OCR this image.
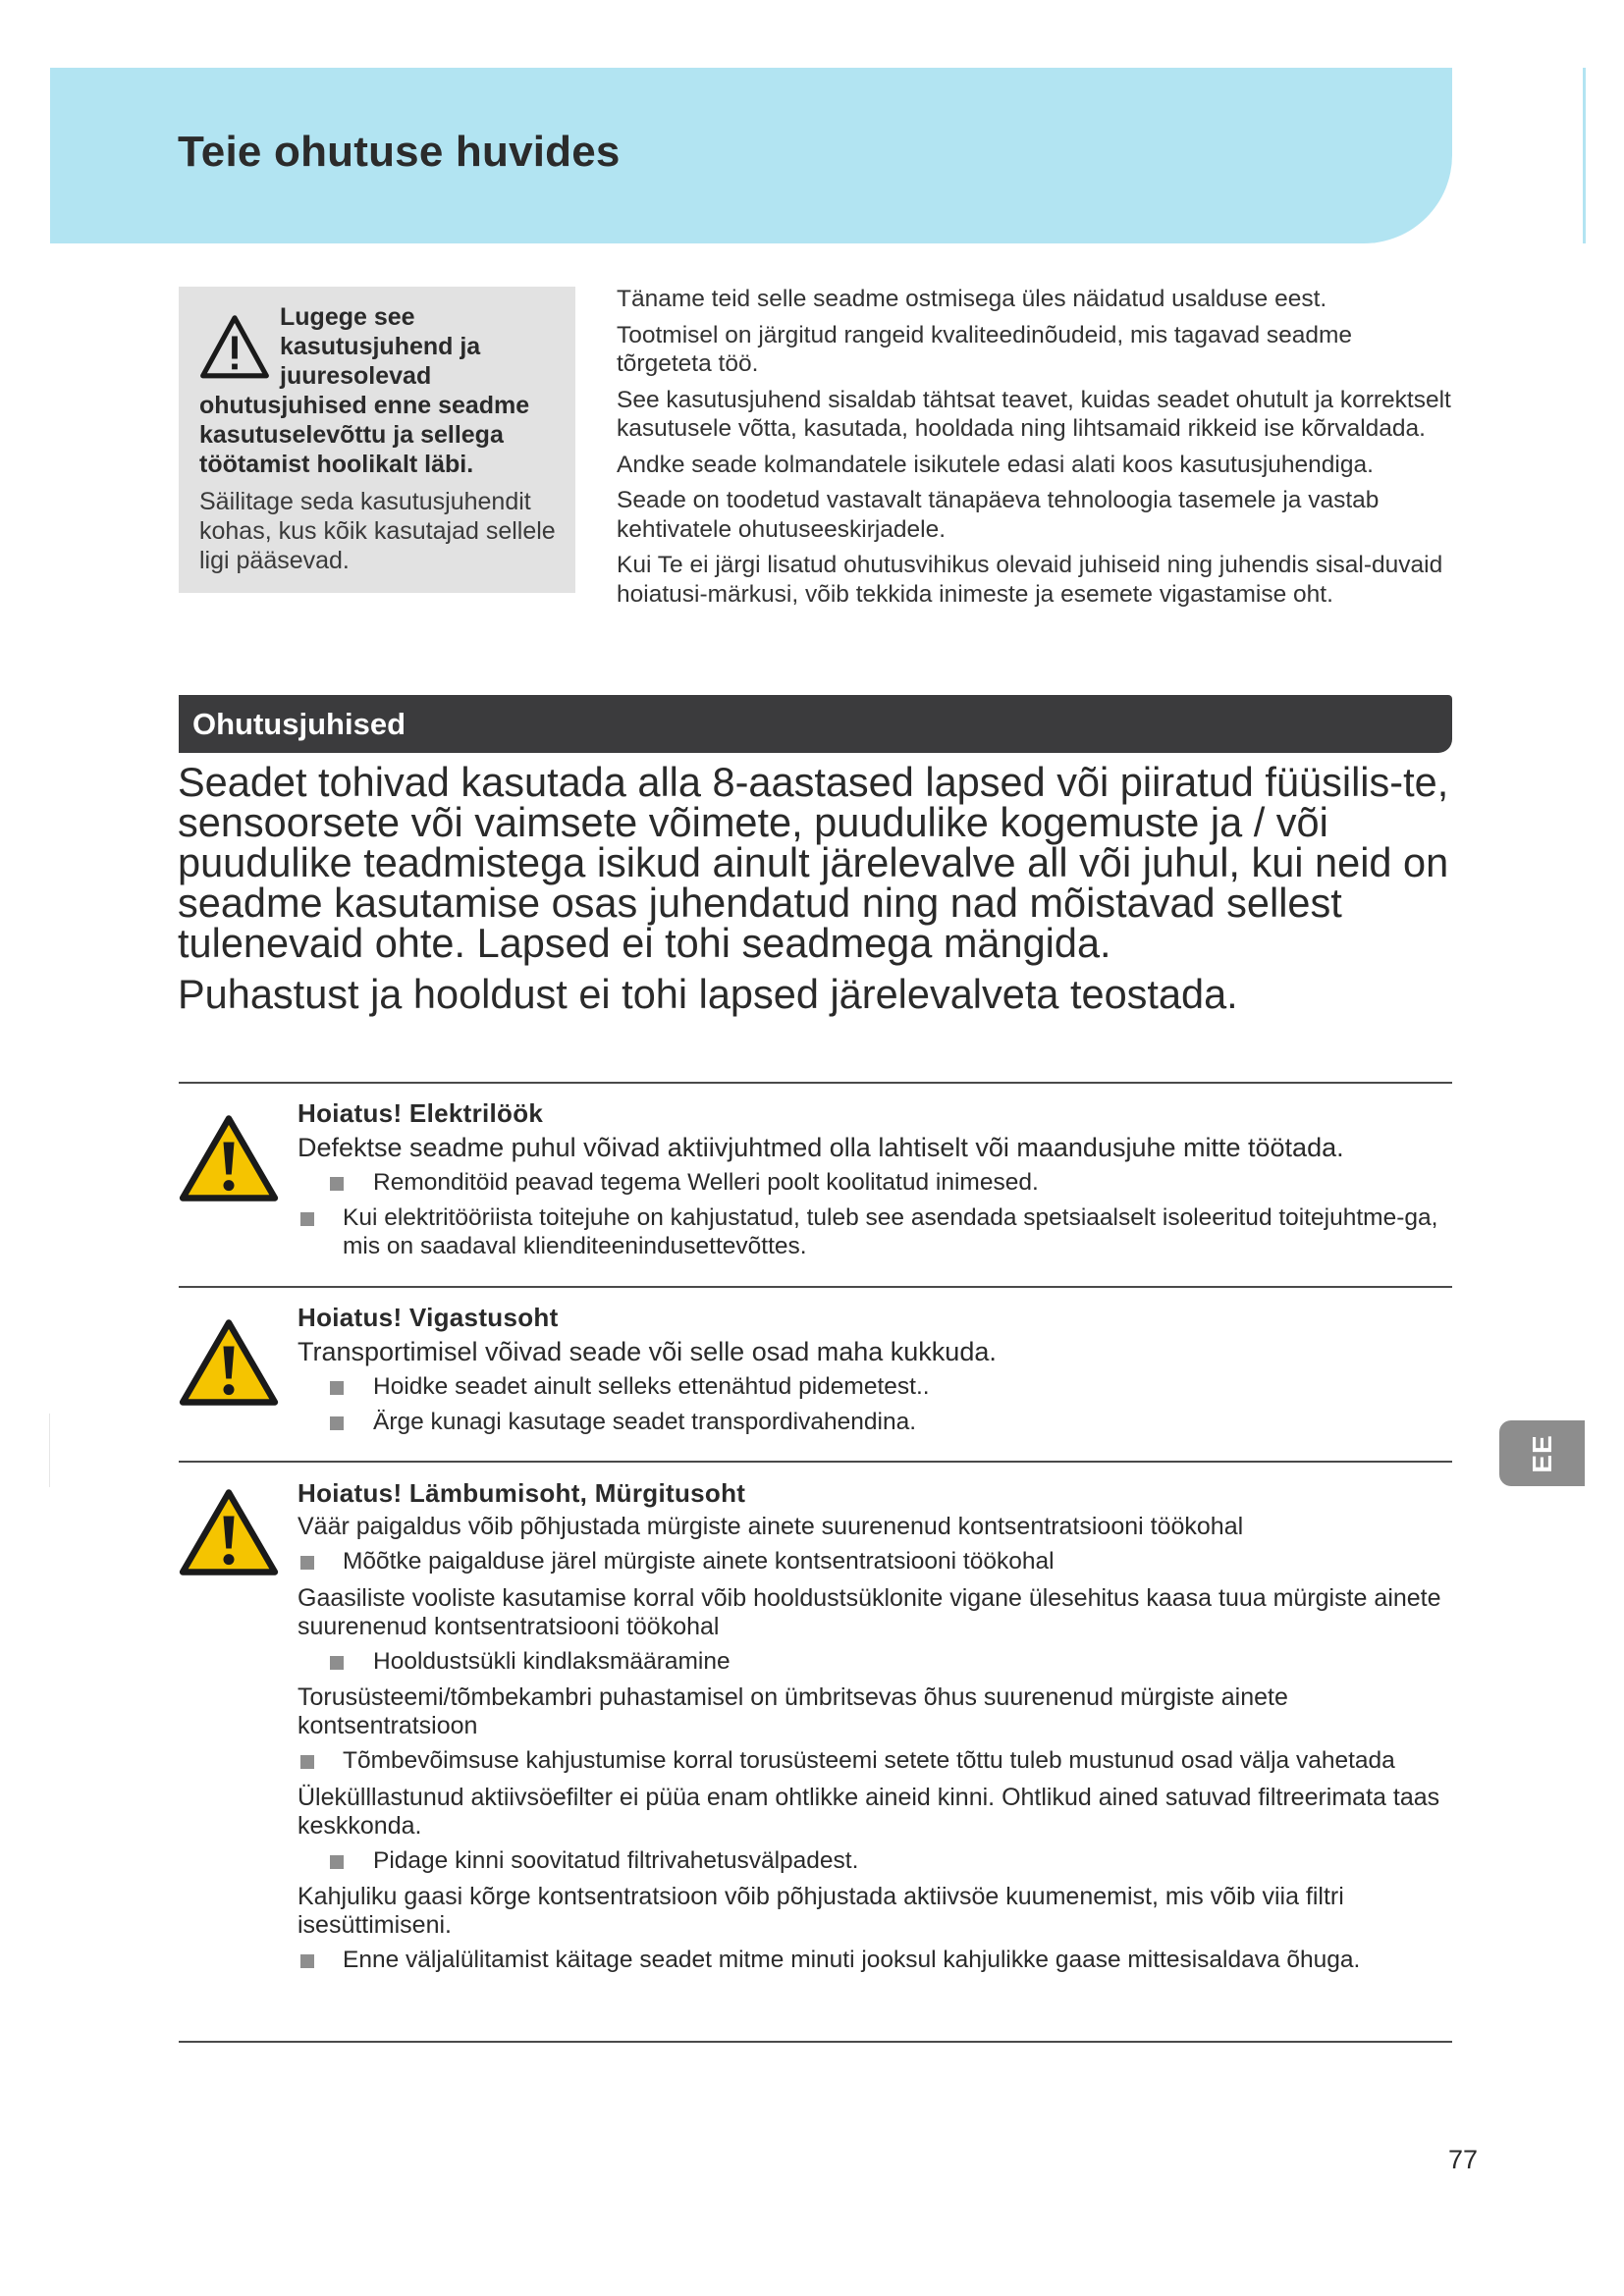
Teie ohutuse huvides
Lugege see kasutusjuhend ja juuresolevad ohutusjuhised enne seadme kasutuselevõttu ja sellega töötamist hoolikalt läbi.
Säilitage seda kasutusjuhendit kohas, kus kõik kasutajad sellele ligi pääsevad.

Täname teid selle seadme ostmisega üles näidatud usalduse eest.

Tootmisel on järgitud rangeid kvaliteedinõudeid, mis tagavad seadme tõrgeteta töö.

See kasutusjuhend sisaldab tähtsat teavet, kuidas seadet ohutult ja korrektselt kasutusele võtta, kasutada, hooldada ning lihtsamaid rikkeid ise kõrvaldada.

Andke seade kolmandatele isikutele edasi alati koos kasutusjuhendiga.

Seade on toodetud vastavalt tänapäeva tehnoloogia tasemele ja vastab kehtivatele ohutuseeskirjadele.

Kui Te ei järgi lisatud ohutusvihikus olevaid juhiseid ning juhendis sisal-duvaid hoiatusi-märkusi, võib tekkida inimeste ja esemete vigastamise oht.

Ohutusjuhised

Seadet tohivad kasutada alla 8-aastased lapsed või piiratud füüsilis-te, sensoorsete või vaimsete võimete, puudulike kogemuste ja / või puudulike teadmistega isikud ainult järelevalve all või juhul, kui neid on seadme kasutamise osas juhendatud ning nad mõistavad sellest tulenevaid ohte. Lapsed ei tohi seadmega mängida.

Puhastust ja hooldust ei tohi lapsed järelevalveta teostada.

Hoiatus! Elektrilöök
Defektse seadme puhul võivad aktiivjuhtmed olla lahtiselt või maandusjuhe mitte töötada.
Remonditöid peavad tegema Welleri poolt koolitatud inimesed.
Kui elektritööriista toitejuhe on kahjustatud, tuleb see asendada spetsiaalselt isoleeritud toitejuhtme-ga, mis on saadaval klienditeenindusettevõttes.
Hoiatus! Vigastusoht
Transportimisel võivad seade või selle osad maha kukkuda.
Hoidke seadet ainult selleks ettenähtud pidemetest..
Ärge kunagi kasutage seadet transpordivahendina.
Hoiatus! Lämbumisoht, Mürgitusoht
Väär paigaldus võib põhjustada mürgiste ainete suurenenud kontsentratsiooni töökohal
Mõõtke paigalduse järel mürgiste ainete kontsentratsiooni töökohal
Gaasiliste vooliste kasutamise korral võib hooldustsüklonite vigane ülesehitus kaasa tuua mürgiste ainete suurenenud kontsentratsiooni töökohal
Hooldustsükli kindlaksmääramine
Torusüsteemi/tõmbekambri puhastamisel on ümbritsevas õhus suurenenud mürgiste ainete kontsentratsioon
Tõmbevõimsuse kahjustumise korral torusüsteemi setete tõttu tuleb mustunud osad välja vahetada
Ülekülllastunud aktiivsöefilter ei püüa enam ohtlikke aineid kinni. Ohtlikud ained satuvad filtreerimata taas keskkonda.
Pidage kinni soovitatud filtrivahetusvälpadest.
Kahjuliku gaasi kõrge kontsentratsioon võib põhjustada aktiivsöe kuumenemist, mis võib viia filtri isesüttimiseni.
Enne väljalülitamist käitage seadet mitme minuti jooksul kahjulikke gaase mittesisaldava õhuga.
EE
77
